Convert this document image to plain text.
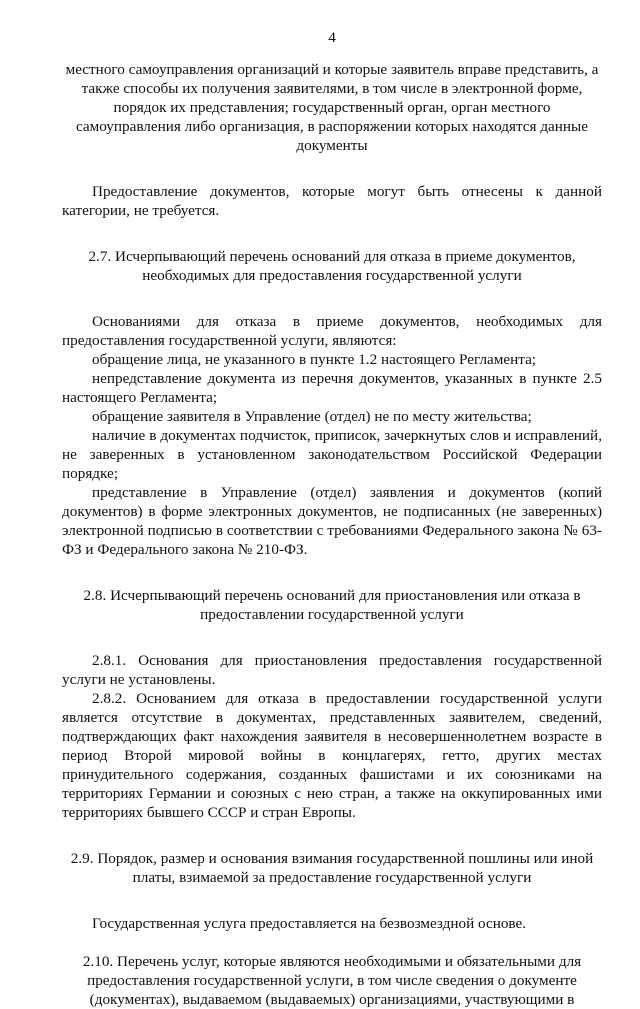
4

местного самоуправления организаций и которые заявитель вправе представить, а также способы их получения заявителями, в том числе в электронной форме, порядок их представления; государственный орган, орган местного самоуправления либо организация, в распоряжении которых находятся данные документы

Предоставление документов, которые могут быть отнесены к данной категории, не требуется.

2.7. Исчерпывающий перечень оснований для отказа в приеме документов, необходимых для предоставления государственной услуги

Основаниями для отказа в приеме документов, необходимых для предоставления государственной услуги, являются:

обращение лица, не указанного в пункте 1.2 настоящего Регламента;

непредставление документа из перечня документов, указанных в пункте 2.5 настоящего Регламента;

обращение заявителя в Управление (отдел) не по месту жительства;

наличие в документах подчисток, приписок, зачеркнутых слов и исправлений, не заверенных в установленном законодательством Российской Федерации порядке;

представление в Управление (отдел) заявления и документов (копий документов) в форме электронных документов, не подписанных (не заверенных) электронной подписью в соответствии с требованиями Федерального закона № 63-ФЗ и Федерального закона № 210-ФЗ.

2.8. Исчерпывающий перечень оснований для приостановления или отказа в предоставлении государственной услуги

2.8.1. Основания для приостановления предоставления государственной услуги не установлены.

2.8.2. Основанием для отказа в предоставлении государственной услуги является отсутствие в документах, представленных заявителем, сведений, подтверждающих факт нахождения заявителя в несовершеннолетнем возрасте в период Второй мировой войны в концлагерях, гетто, других местах принудительного содержания, созданных фашистами и их союзниками на территориях Германии и союзных с нею стран, а также на оккупированных ими территориях бывшего СССР и стран Европы.

2.9. Порядок, размер и основания взимания государственной пошлины или иной платы, взимаемой за предоставление государственной услуги

Государственная услуга предоставляется на безвозмездной основе.

2.10. Перечень услуг, которые являются необходимыми и обязательными для предоставления государственной услуги, в том числе сведения о документе (документах), выдаваемом (выдаваемых) организациями, участвующими в
